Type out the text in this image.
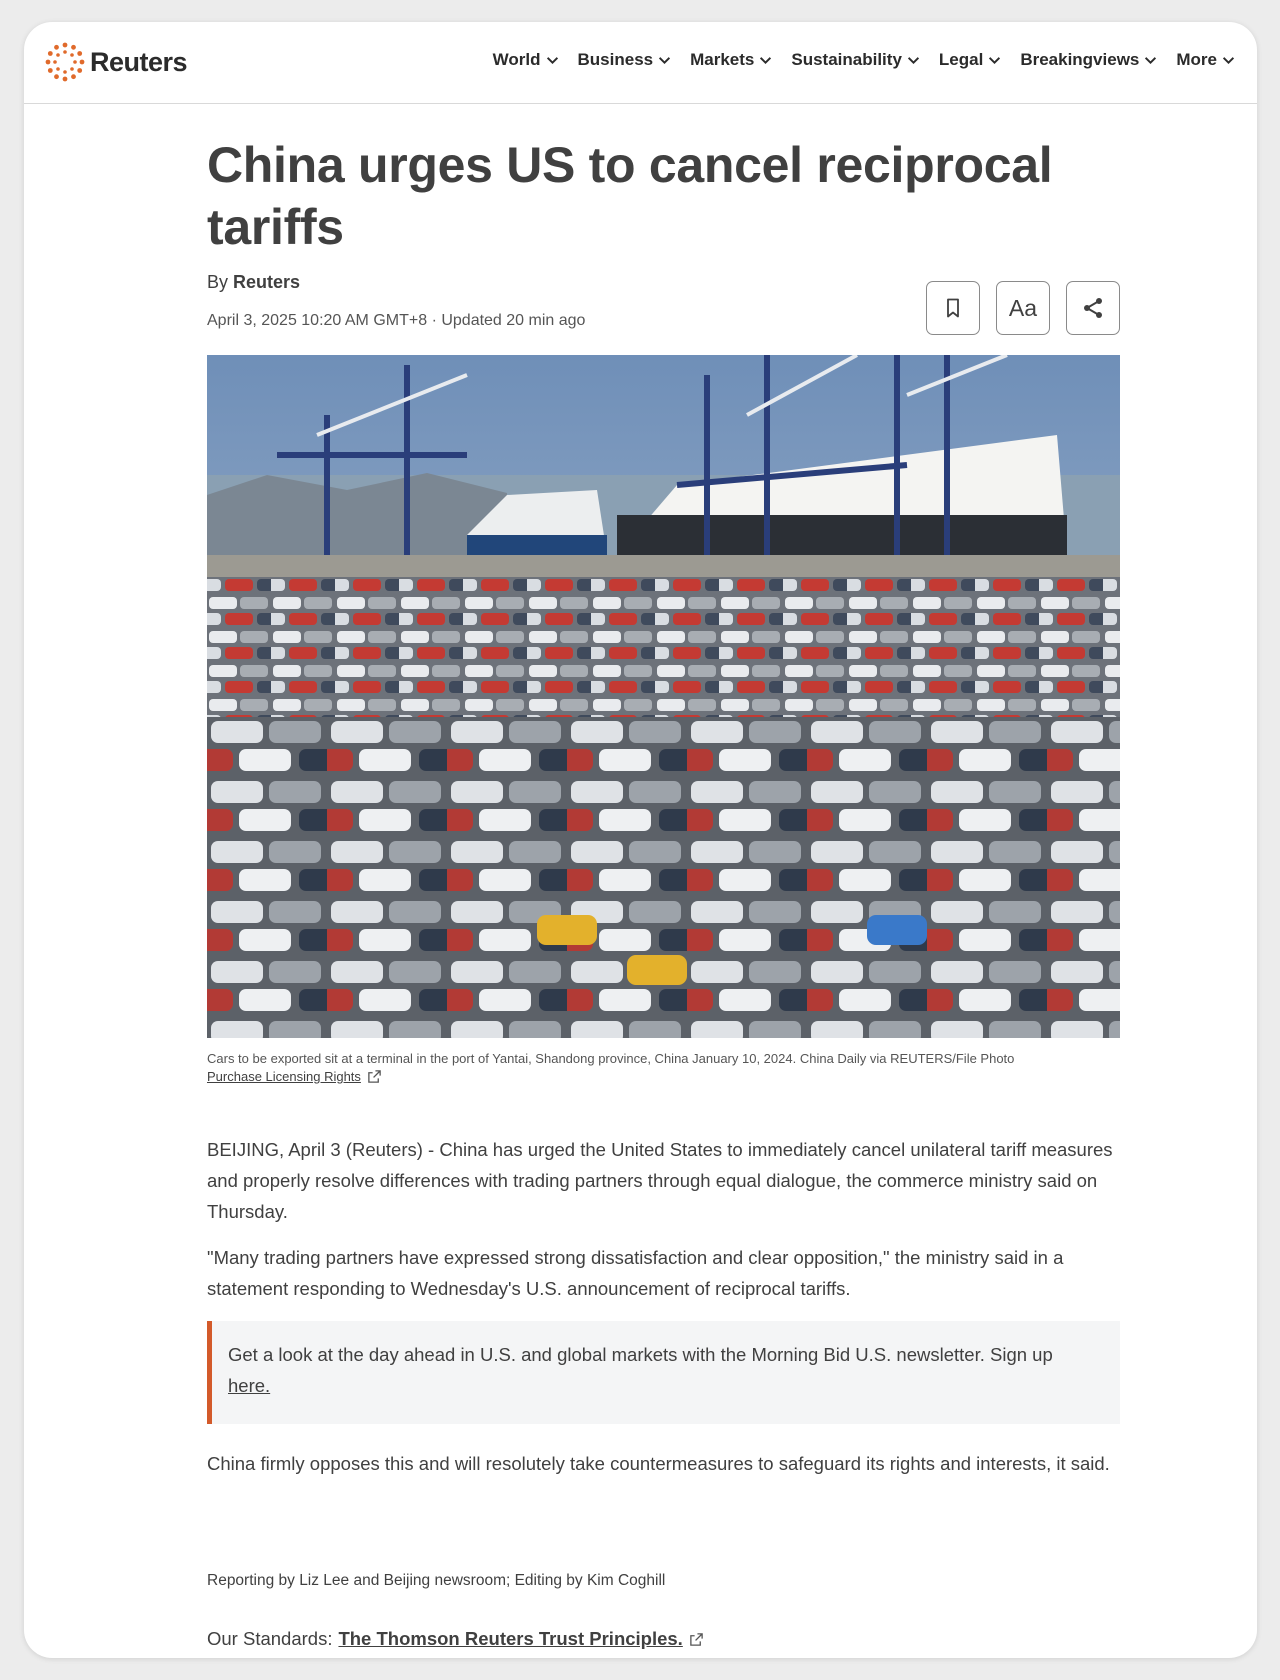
Reuters	World Business Markets Sustainability Legal Breakingviews More
China urges US to cancel reciprocal tariffs
By Reuters
April 3, 2025 10:20 AM GMT+8 · Updated 20 min ago	Aa
Cars to be exported sit at a terminal in the port of Yantai, Shandong province, China January 10, 2024. China Daily via REUTERS/File Photo
Purchase Licensing Rights

BEIJING, April 3 (Reuters) - China has urged the United States to immediately cancel unilateral tariff measures and properly resolve differences with trading partners through equal dialogue, the commerce ministry said on Thursday.

"Many trading partners have expressed strong dissatisfaction and clear opposition," the ministry said in a statement responding to Wednesday's U.S. announcement of reciprocal tariffs.

Get a look at the day ahead in U.S. and global markets with the Morning Bid U.S. newsletter. Sign up here.

China firmly opposes this and will resolutely take countermeasures to safeguard its rights and interests, it said.

Reporting by Liz Lee and Beijing newsroom; Editing by Kim Coghill
Our Standards: The Thomson Reuters Trust Principles.
